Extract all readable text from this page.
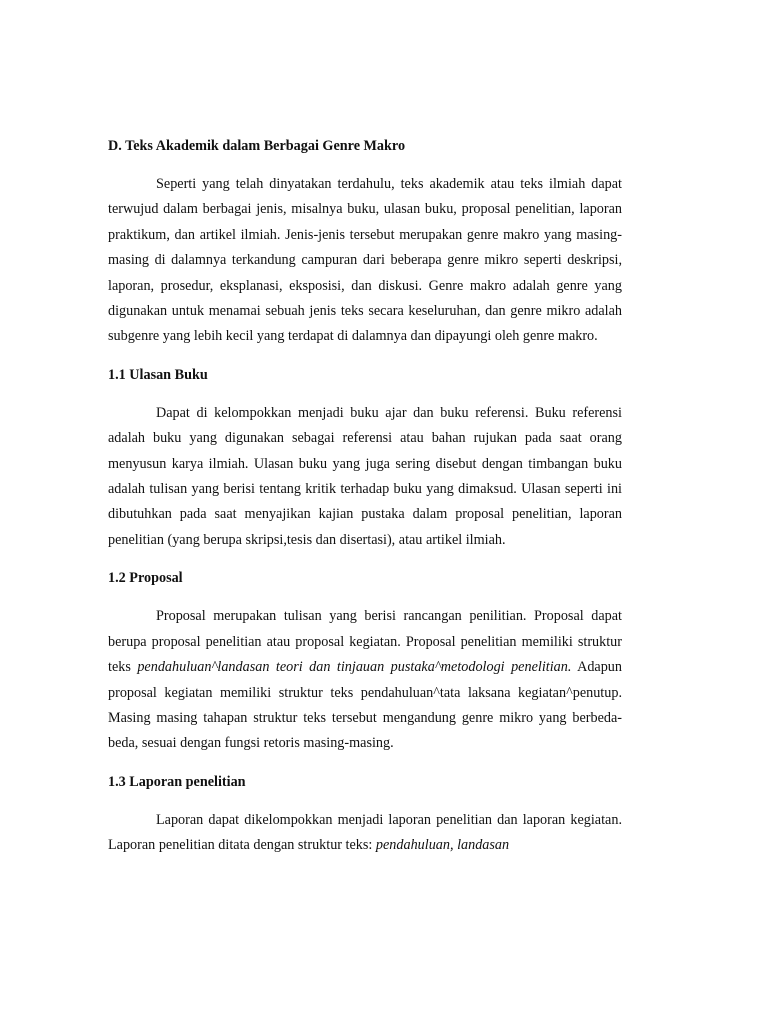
D. Teks Akademik dalam Berbagai Genre Makro

Seperti yang telah dinyatakan terdahulu, teks akademik atau teks ilmiah dapat terwujud dalam berbagai jenis, misalnya buku, ulasan buku, proposal penelitian, laporan praktikum, dan artikel ilmiah. Jenis-jenis tersebut merupakan genre makro yang masing-masing di dalamnya terkandung campuran dari beberapa genre mikro seperti deskripsi, laporan, prosedur, eksplanasi, eksposisi, dan diskusi. Genre makro adalah genre yang digunakan untuk menamai sebuah jenis teks secara keseluruhan, dan genre mikro adalah subgenre yang lebih kecil yang terdapat di dalamnya dan dipayungi oleh genre makro.

1.1 Ulasan Buku

Dapat di kelompokkan menjadi buku ajar dan buku referensi. Buku referensi adalah buku yang digunakan sebagai referensi atau bahan rujukan pada saat orang menyusun karya ilmiah. Ulasan buku yang juga sering disebut dengan timbangan buku adalah tulisan yang berisi tentang kritik terhadap buku yang dimaksud. Ulasan seperti ini dibutuhkan pada saat menyajikan kajian pustaka dalam proposal penelitian, laporan penelitian (yang berupa skripsi,tesis dan disertasi), atau artikel ilmiah.

1.2 Proposal

Proposal merupakan tulisan yang berisi rancangan penilitian. Proposal dapat berupa proposal penelitian atau proposal kegiatan. Proposal penelitian memiliki struktur teks pendahuluan^landasan teori dan tinjauan pustaka^metodologi penelitian. Adapun proposal kegiatan memiliki struktur teks pendahuluan^tata laksana kegiatan^penutup. Masing masing tahapan struktur teks tersebut mengandung genre mikro yang berbeda-beda, sesuai dengan fungsi retoris masing-masing.

1.3 Laporan penelitian

Laporan dapat dikelompokkan menjadi laporan penelitian dan laporan kegiatan. Laporan penelitian ditata dengan struktur teks: pendahuluan, landasan
